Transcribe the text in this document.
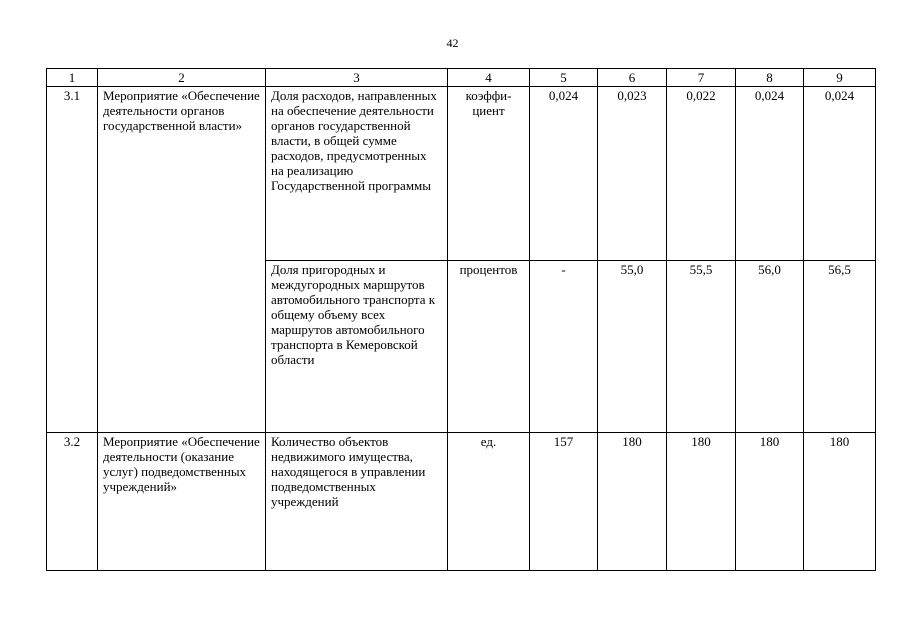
42
1	2	3	4	5	6	7	8	9
3.1	Мероприятие «Обеспечение деятельности органов государственной власти»	Доля расходов, направленных на обеспечение деятельности органов государственной власти, в общей сумме расходов, предусмотренных на реализацию Государственной программы	коэффи-
циент	0,024	0,023	0,022	0,024	0,024
		Доля пригородных и междугородных маршрутов автомобильного транспорта к общему объему всех маршрутов автомобильного транспорта в Кемеровской области	процентов	-	55,0	55,5	56,0	56,5
3.2	Мероприятие «Обеспечение деятельности (оказание услуг) подведомственных учреждений»	Количество объектов недвижимого имущества, находящегося в управлении подведомственных учреждений	ед.	157	180	180	180	180
